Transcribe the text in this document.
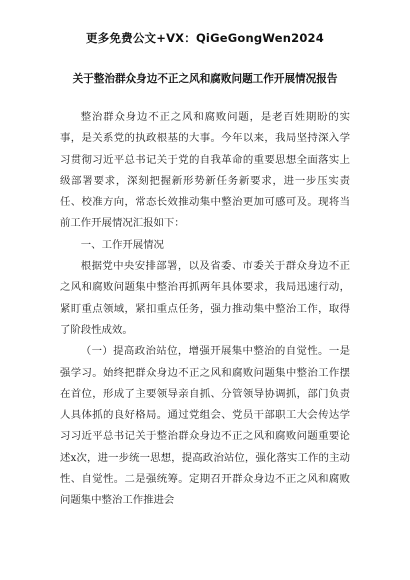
更多免费公文+VX：QiGeGongWen2024
关于整治群众身边不正之风和腐败问题工作开展情况报告

整治群众身边不正之风和腐败问题，是老百姓期盼的实事，是关系党的执政根基的大事。今年以来，我局坚持深入学习贯彻习近平总书记关于党的自我革命的重要思想全面落实上级部署要求，深刻把握新形势新任务新要求，进一步压实责任、校准方向，常态长效推动集中整治更加可感可及。现将当前工作开展情况汇报如下：

一、工作开展情况

根据党中央安排部署，以及省委、市委关于群众身边不正之风和腐败问题集中整治再抓两年具体要求，我局迅速行动，紧盯重点领域，紧扣重点任务，强力推动集中整治工作，取得了阶段性成效。

（一）提高政治站位，增强开展集中整治的自觉性。一是强学习。始终把群众身边不正之风和腐败问题集中整治工作摆在首位，形成了主要领导亲自抓、分管领导协调抓，部门负责人具体抓的良好格局。通过党组会、党员干部职工大会传达学习习近平总书记关于整治群众身边不正之风和腐败问题重要论述x次，进一步统一思想，提高政治站位，强化落实工作的主动性、自觉性。二是强统筹。定期召开群众身边不正之风和腐败问题集中整治工作推进会
